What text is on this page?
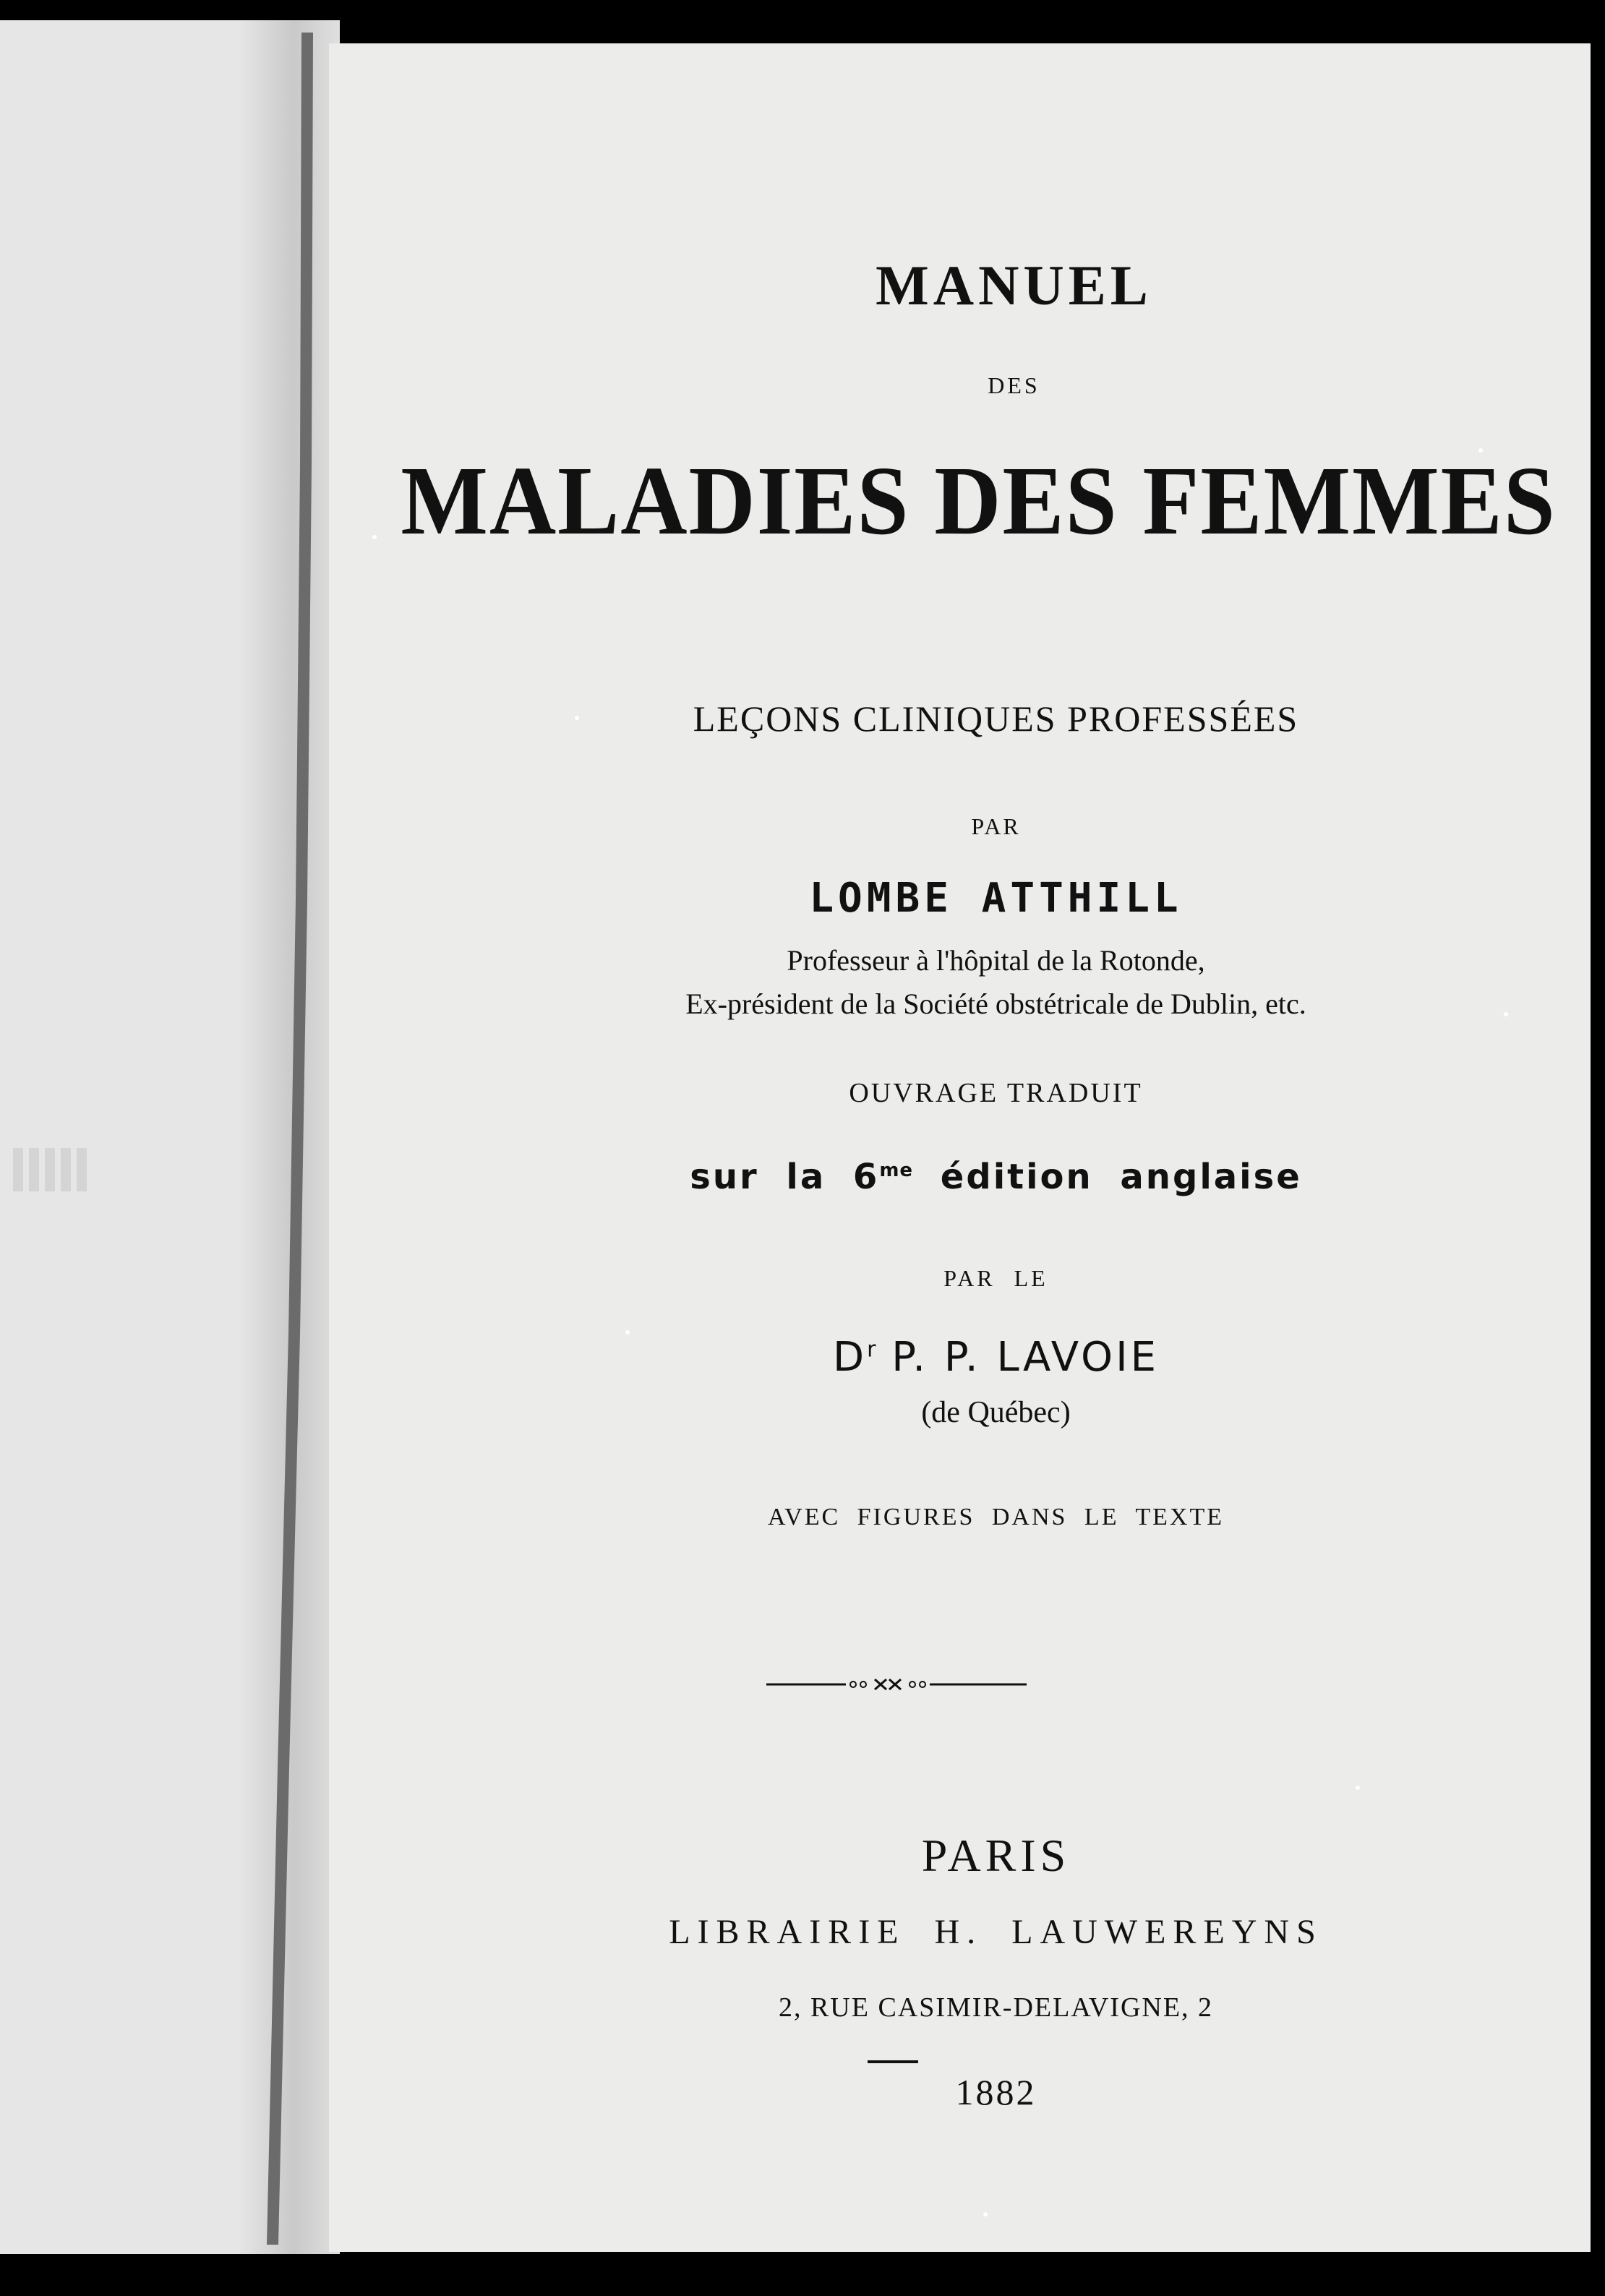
MANUEL

DES

MALADIES DES FEMMES

LEÇONS CLINIQUES PROFESSÉES

PAR

LOMBE ATTHILL

Professeur à l'hôpital de la Rotonde,

Ex-président de la Société obstétricale de Dublin, etc.

OUVRAGE TRADUIT

sur la $6^{me}$ édition anglaise

PAR LE

$D^r$ P. P. LAVOIE

(de Québec)

AVEC FIGURES DANS LE TEXTE

PARIS

LIBRAIRIE H. LAUWEREYNS

2, RUE CASIMIR-DELAVIGNE, 2

1882
